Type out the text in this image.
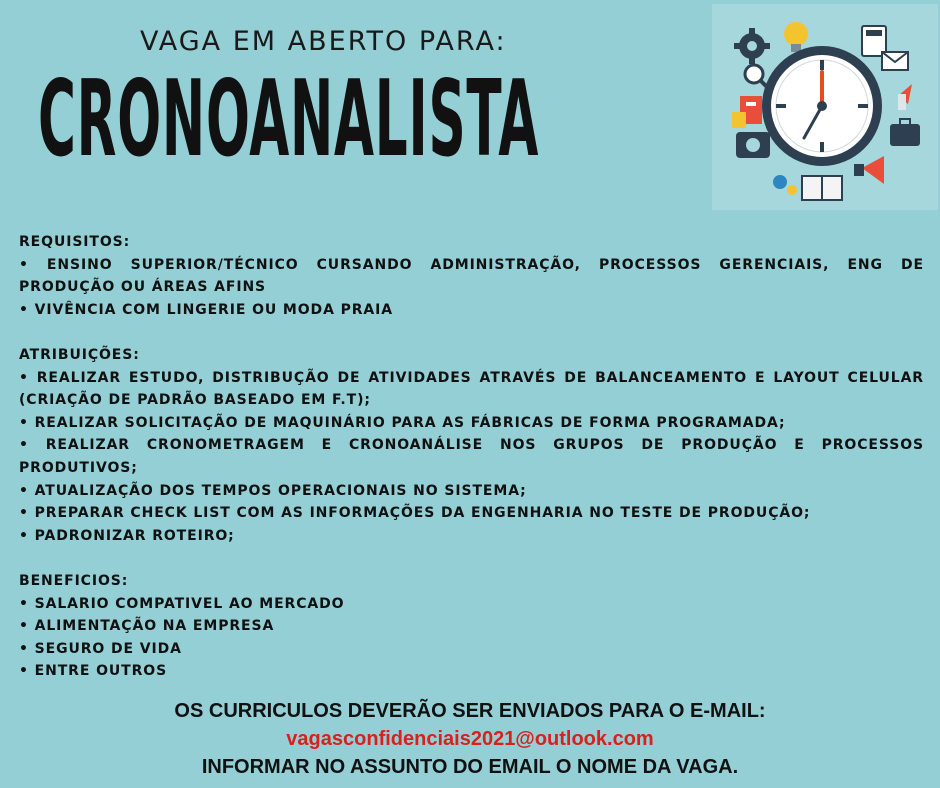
VAGA EM ABERTO PARA:
CRONOANALISTA
REQUISITOS:
• ENSINO SUPERIOR/TÉCNICO CURSANDO ADMINISTRAÇÃO, PROCESSOS GERENCIAIS, ENG DE PRODUÇÃO OU ÁREAS AFINS
• VIVÊNCIA COM LINGERIE OU MODA PRAIA
ATRIBUIÇÕES:
• REALIZAR ESTUDO, DISTRIBUÇÃO DE ATIVIDADES ATRAVÉS DE BALANCEAMENTO E LAYOUT CELULAR (CRIAÇÃO DE PADRÃO BASEADO EM F.T);
• REALIZAR SOLICITAÇÃO DE MAQUINÁRIO PARA AS FÁBRICAS DE FORMA PROGRAMADA;
• REALIZAR CRONOMETRAGEM E CRONOANÁLISE NOS GRUPOS DE PRODUÇÃO E PROCESSOS PRODUTIVOS;
• ATUALIZAÇÃO DOS TEMPOS OPERACIONAIS NO SISTEMA;
• PREPARAR CHECK LIST COM AS INFORMAÇÕES DA ENGENHARIA NO TESTE DE PRODUÇÃO;
• PADRONIZAR ROTEIRO;
BENEFICIOS:
• SALARIO COMPATIVEL AO MERCADO
• ALIMENTAÇÃO NA EMPRESA
• SEGURO DE VIDA
• ENTRE OUTROS
OS CURRICULOS DEVERÃO SER ENVIADOS PARA O E-MAIL:
vagasconfidenciais2021@outlook.com
INFORMAR NO ASSUNTO DO EMAIL O NOME DA VAGA.
